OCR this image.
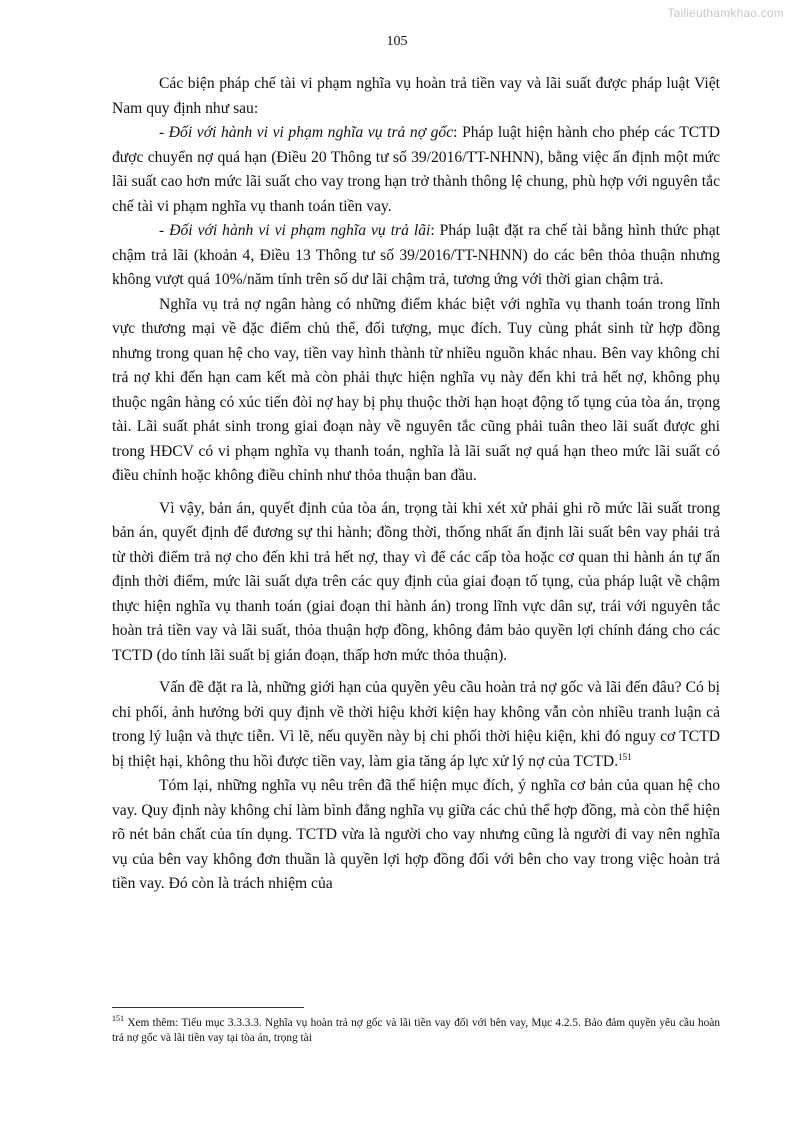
Tailieuthamkhao.com
105

Các biện pháp chế tài vi phạm nghĩa vụ hoàn trả tiền vay và lãi suất được pháp luật Việt Nam quy định như sau:

- Đối với hành vi vi phạm nghĩa vụ trả nợ gốc: Pháp luật hiện hành cho phép các TCTD được chuyển nợ quá hạn (Điều 20 Thông tư số 39/2016/TT-NHNN), bằng việc ấn định một mức lãi suất cao hơn mức lãi suất cho vay trong hạn trở thành thông lệ chung, phù hợp với nguyên tắc chế tài vi phạm nghĩa vụ thanh toán tiền vay.

- Đối với hành vi vi phạm nghĩa vụ trả lãi: Pháp luật đặt ra chế tài bằng hình thức phạt chậm trả lãi (khoản 4, Điều 13 Thông tư số 39/2016/TT-NHNN) do các bên thỏa thuận nhưng không vượt quá 10%/năm tính trên số dư lãi chậm trả, tương ứng với thời gian chậm trả.

Nghĩa vụ trả nợ ngân hàng có những điểm khác biệt với nghĩa vụ thanh toán trong lĩnh vực thương mại về đặc điểm chủ thể, đối tượng, mục đích. Tuy cùng phát sinh từ hợp đồng nhưng trong quan hệ cho vay, tiền vay hình thành từ nhiều nguồn khác nhau. Bên vay không chỉ trả nợ khi đến hạn cam kết mà còn phải thực hiện nghĩa vụ này đến khi trả hết nợ, không phụ thuộc ngân hàng có xúc tiến đòi nợ hay bị phụ thuộc thời hạn hoạt động tố tụng của tòa án, trọng tài. Lãi suất phát sinh trong giai đoạn này về nguyên tắc cũng phải tuân theo lãi suất được ghi trong HĐCV có vi phạm nghĩa vụ thanh toán, nghĩa là lãi suất nợ quá hạn theo mức lãi suất có điều chỉnh hoặc không điều chỉnh như thỏa thuận ban đầu.

Vì vậy, bản án, quyết định của tòa án, trọng tài khi xét xử phải ghi rõ mức lãi suất trong bản án, quyết định để đương sự thi hành; đồng thời, thống nhất ấn định lãi suất bên vay phải trả từ thời điểm trả nợ cho đến khi trả hết nợ, thay vì để các cấp tòa hoặc cơ quan thi hành án tự ấn định thời điểm, mức lãi suất dựa trên các quy định của giai đoạn tố tụng, của pháp luật về chậm thực hiện nghĩa vụ thanh toán (giai đoạn thi hành án) trong lĩnh vực dân sự, trái với nguyên tắc hoàn trả tiền vay và lãi suất, thỏa thuận hợp đồng, không đảm bảo quyền lợi chính đáng cho các TCTD (do tính lãi suất bị gián đoạn, thấp hơn mức thỏa thuận).

Vấn đề đặt ra là, những giới hạn của quyền yêu cầu hoàn trả nợ gốc và lãi đến đâu? Có bị chi phối, ảnh hưởng bởi quy định về thời hiệu khởi kiện hay không vẫn còn nhiều tranh luận cả trong lý luận và thực tiễn. Vì lẽ, nếu quyền này bị chi phối thời hiệu kiện, khi đó nguy cơ TCTD bị thiệt hại, không thu hồi được tiền vay, làm gia tăng áp lực xử lý nợ của TCTD.$^{151}$

Tóm lại, những nghĩa vụ nêu trên đã thể hiện mục đích, ý nghĩa cơ bản của quan hệ cho vay. Quy định này không chỉ làm bình đẳng nghĩa vụ giữa các chủ thể hợp đồng, mà còn thể hiện rõ nét bản chất của tín dụng. TCTD vừa là người cho vay nhưng cũng là người đi vay nên nghĩa vụ của bên vay không đơn thuần là quyền lợi hợp đồng đối với bên cho vay trong việc hoàn trả tiền vay. Đó còn là trách nhiệm của

$^{151}$ Xem thêm: Tiểu mục 3.3.3.3. Nghĩa vụ hoàn trả nợ gốc và lãi tiền vay đối với bên vay, Mục 4.2.5. Bảo đảm quyền yêu cầu hoàn trả nợ gốc và lãi tiền vay tại tòa án, trọng tài
